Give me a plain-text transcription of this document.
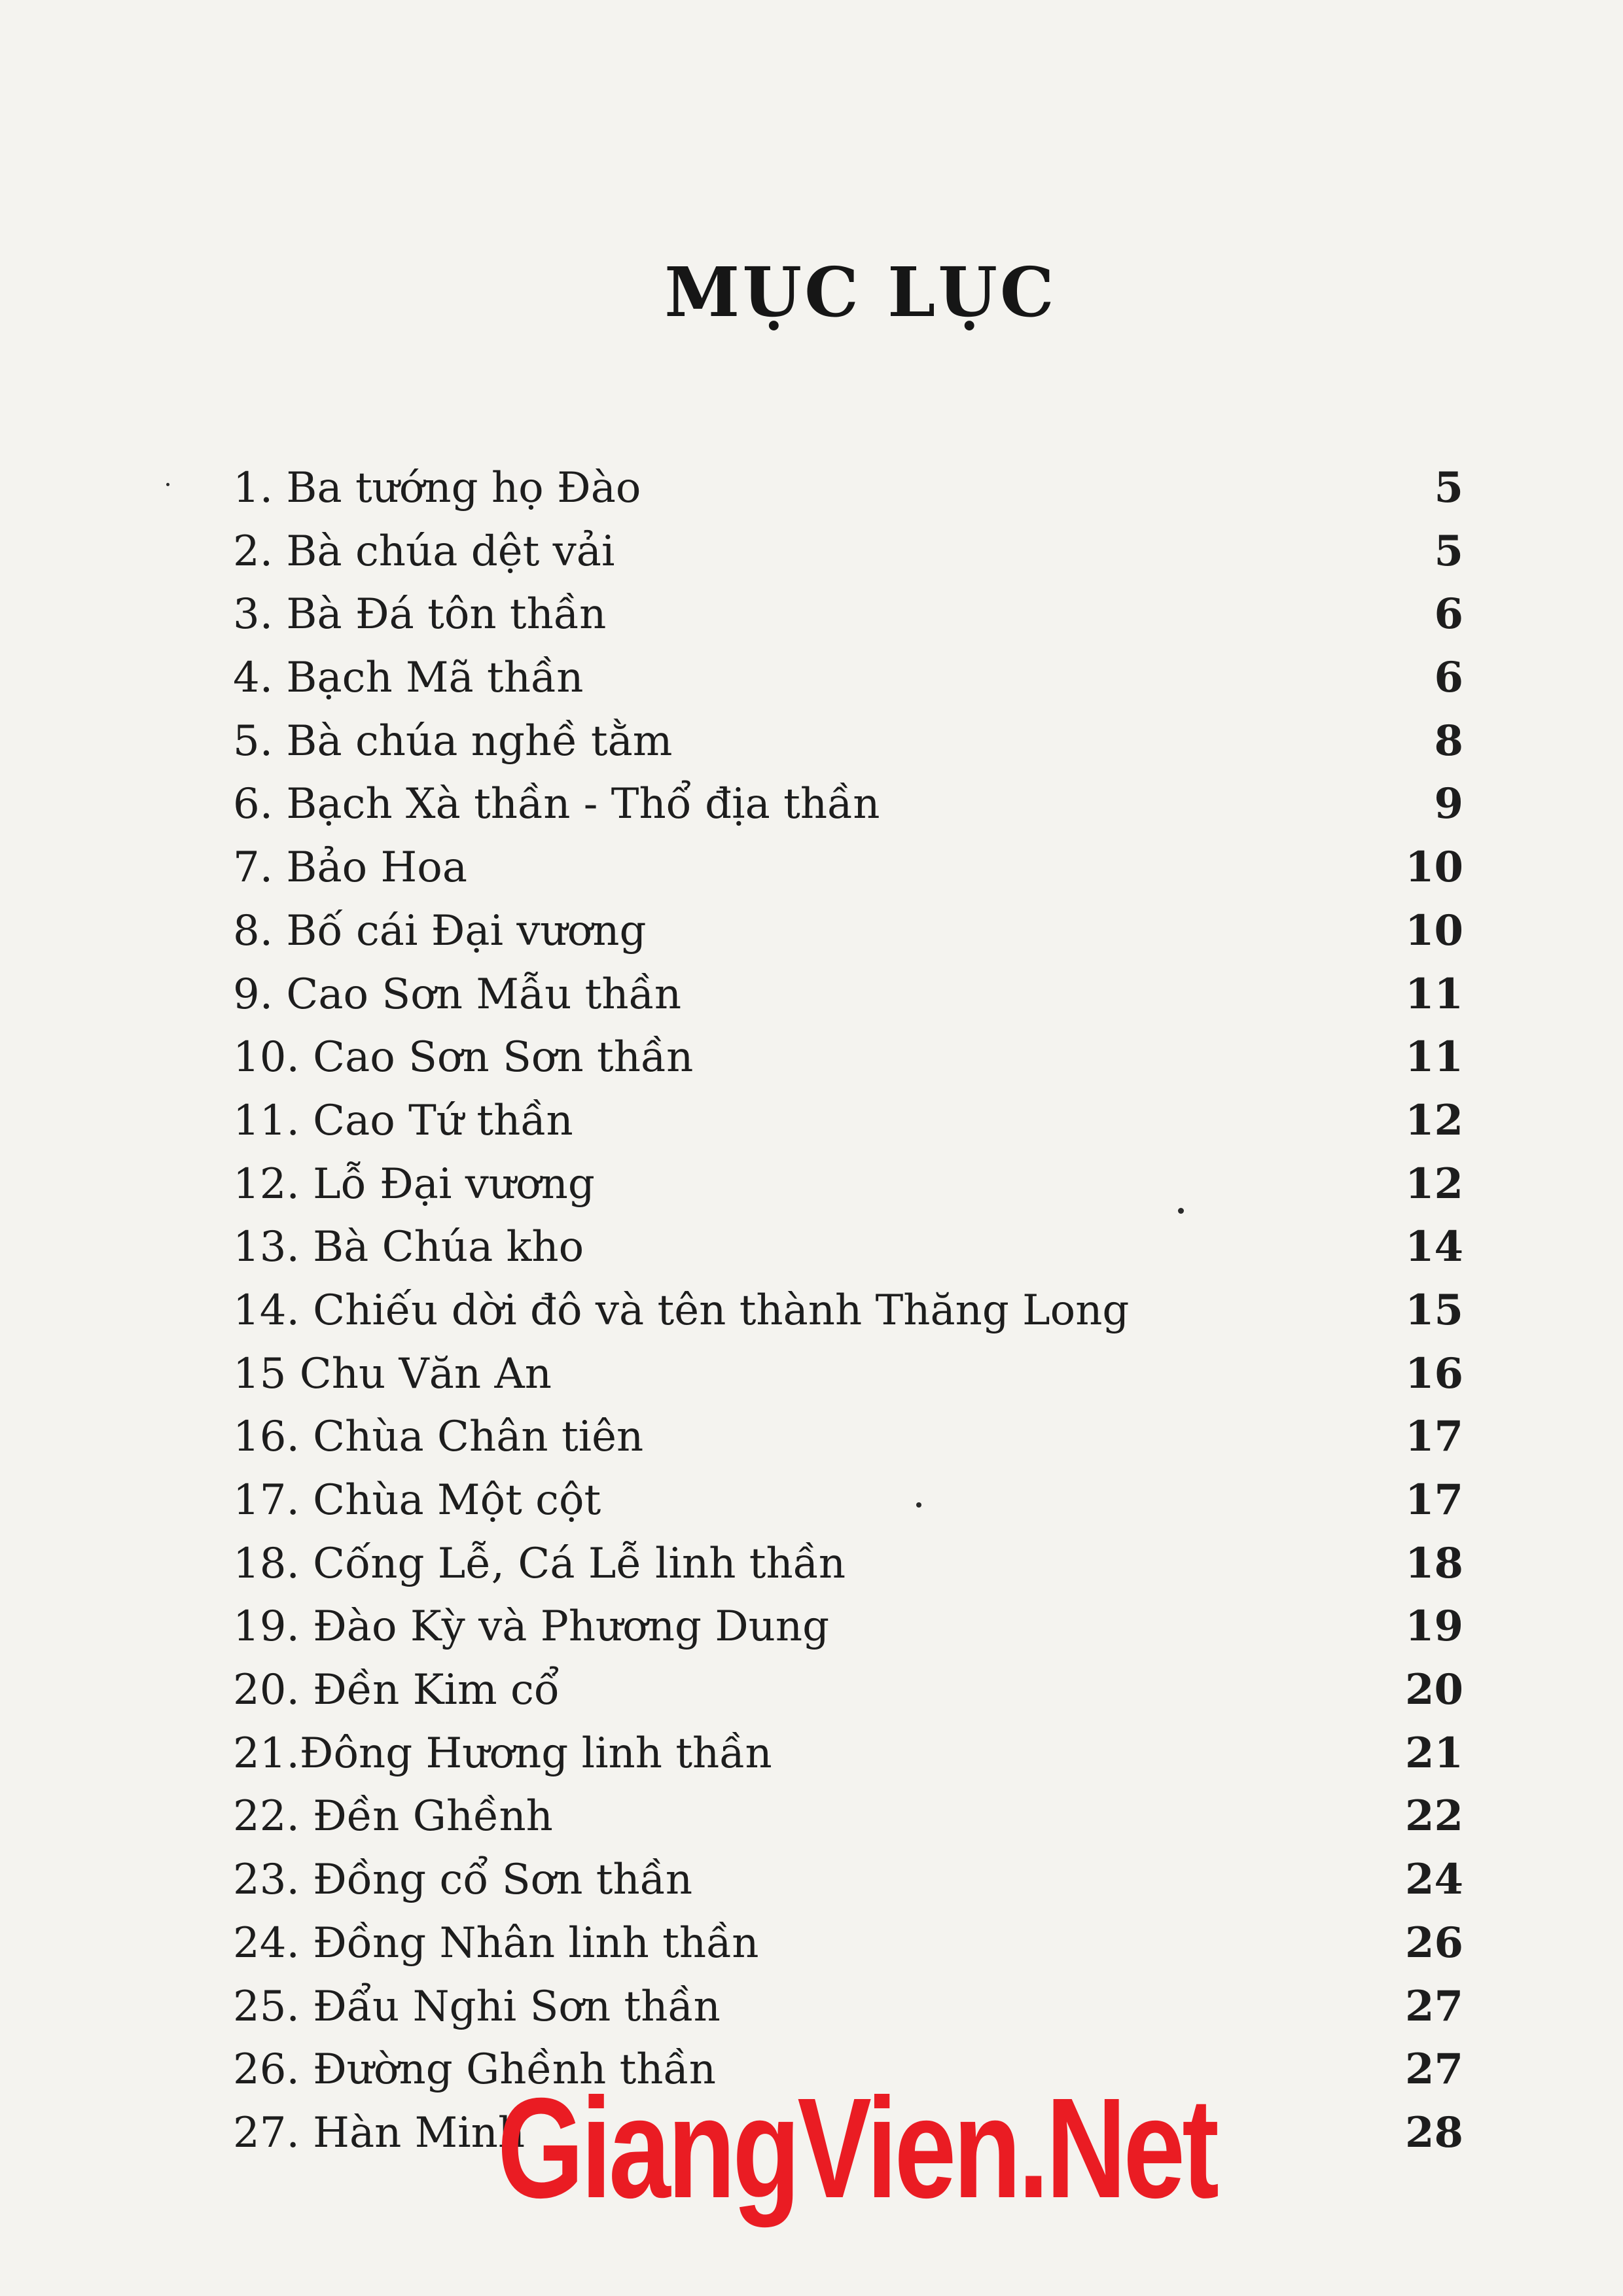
MỤC LỤC
1. Ba tướng họ Đào	5
2. Bà chúa dệt vải	5
3. Bà Đá tôn thần	6
4. Bạch Mã thần	6
5. Bà chúa nghề tằm	8
6. Bạch Xà thần - Thổ địa thần	9
7. Bảo Hoa	10
8. Bố cái Đại vương	10
9. Cao Sơn Mẫu thần	11
10. Cao Sơn Sơn thần	11
11. Cao Tứ thần	12
12. Lỗ Đại vương	12
13. Bà Chúa kho	14
14. Chiếu dời đô và tên thành Thăng Long	15
15 Chu Văn An	16
16. Chùa Chân tiên	17
17. Chùa Một cột	17
18. Cống Lễ, Cá Lễ linh thần	18
19. Đào Kỳ và Phương Dung	19
20. Đền Kim cổ	20
21.Đông Hương linh thần	21
22. Đền Ghềnh	22
23. Đồng cổ Sơn thần	24
24. Đồng Nhân linh thần	26
25. Đẩu Nghi Sơn thần	27
26. Đường Ghềnh thần	27
27. Hàn Minh	28
GiangVien.Net
